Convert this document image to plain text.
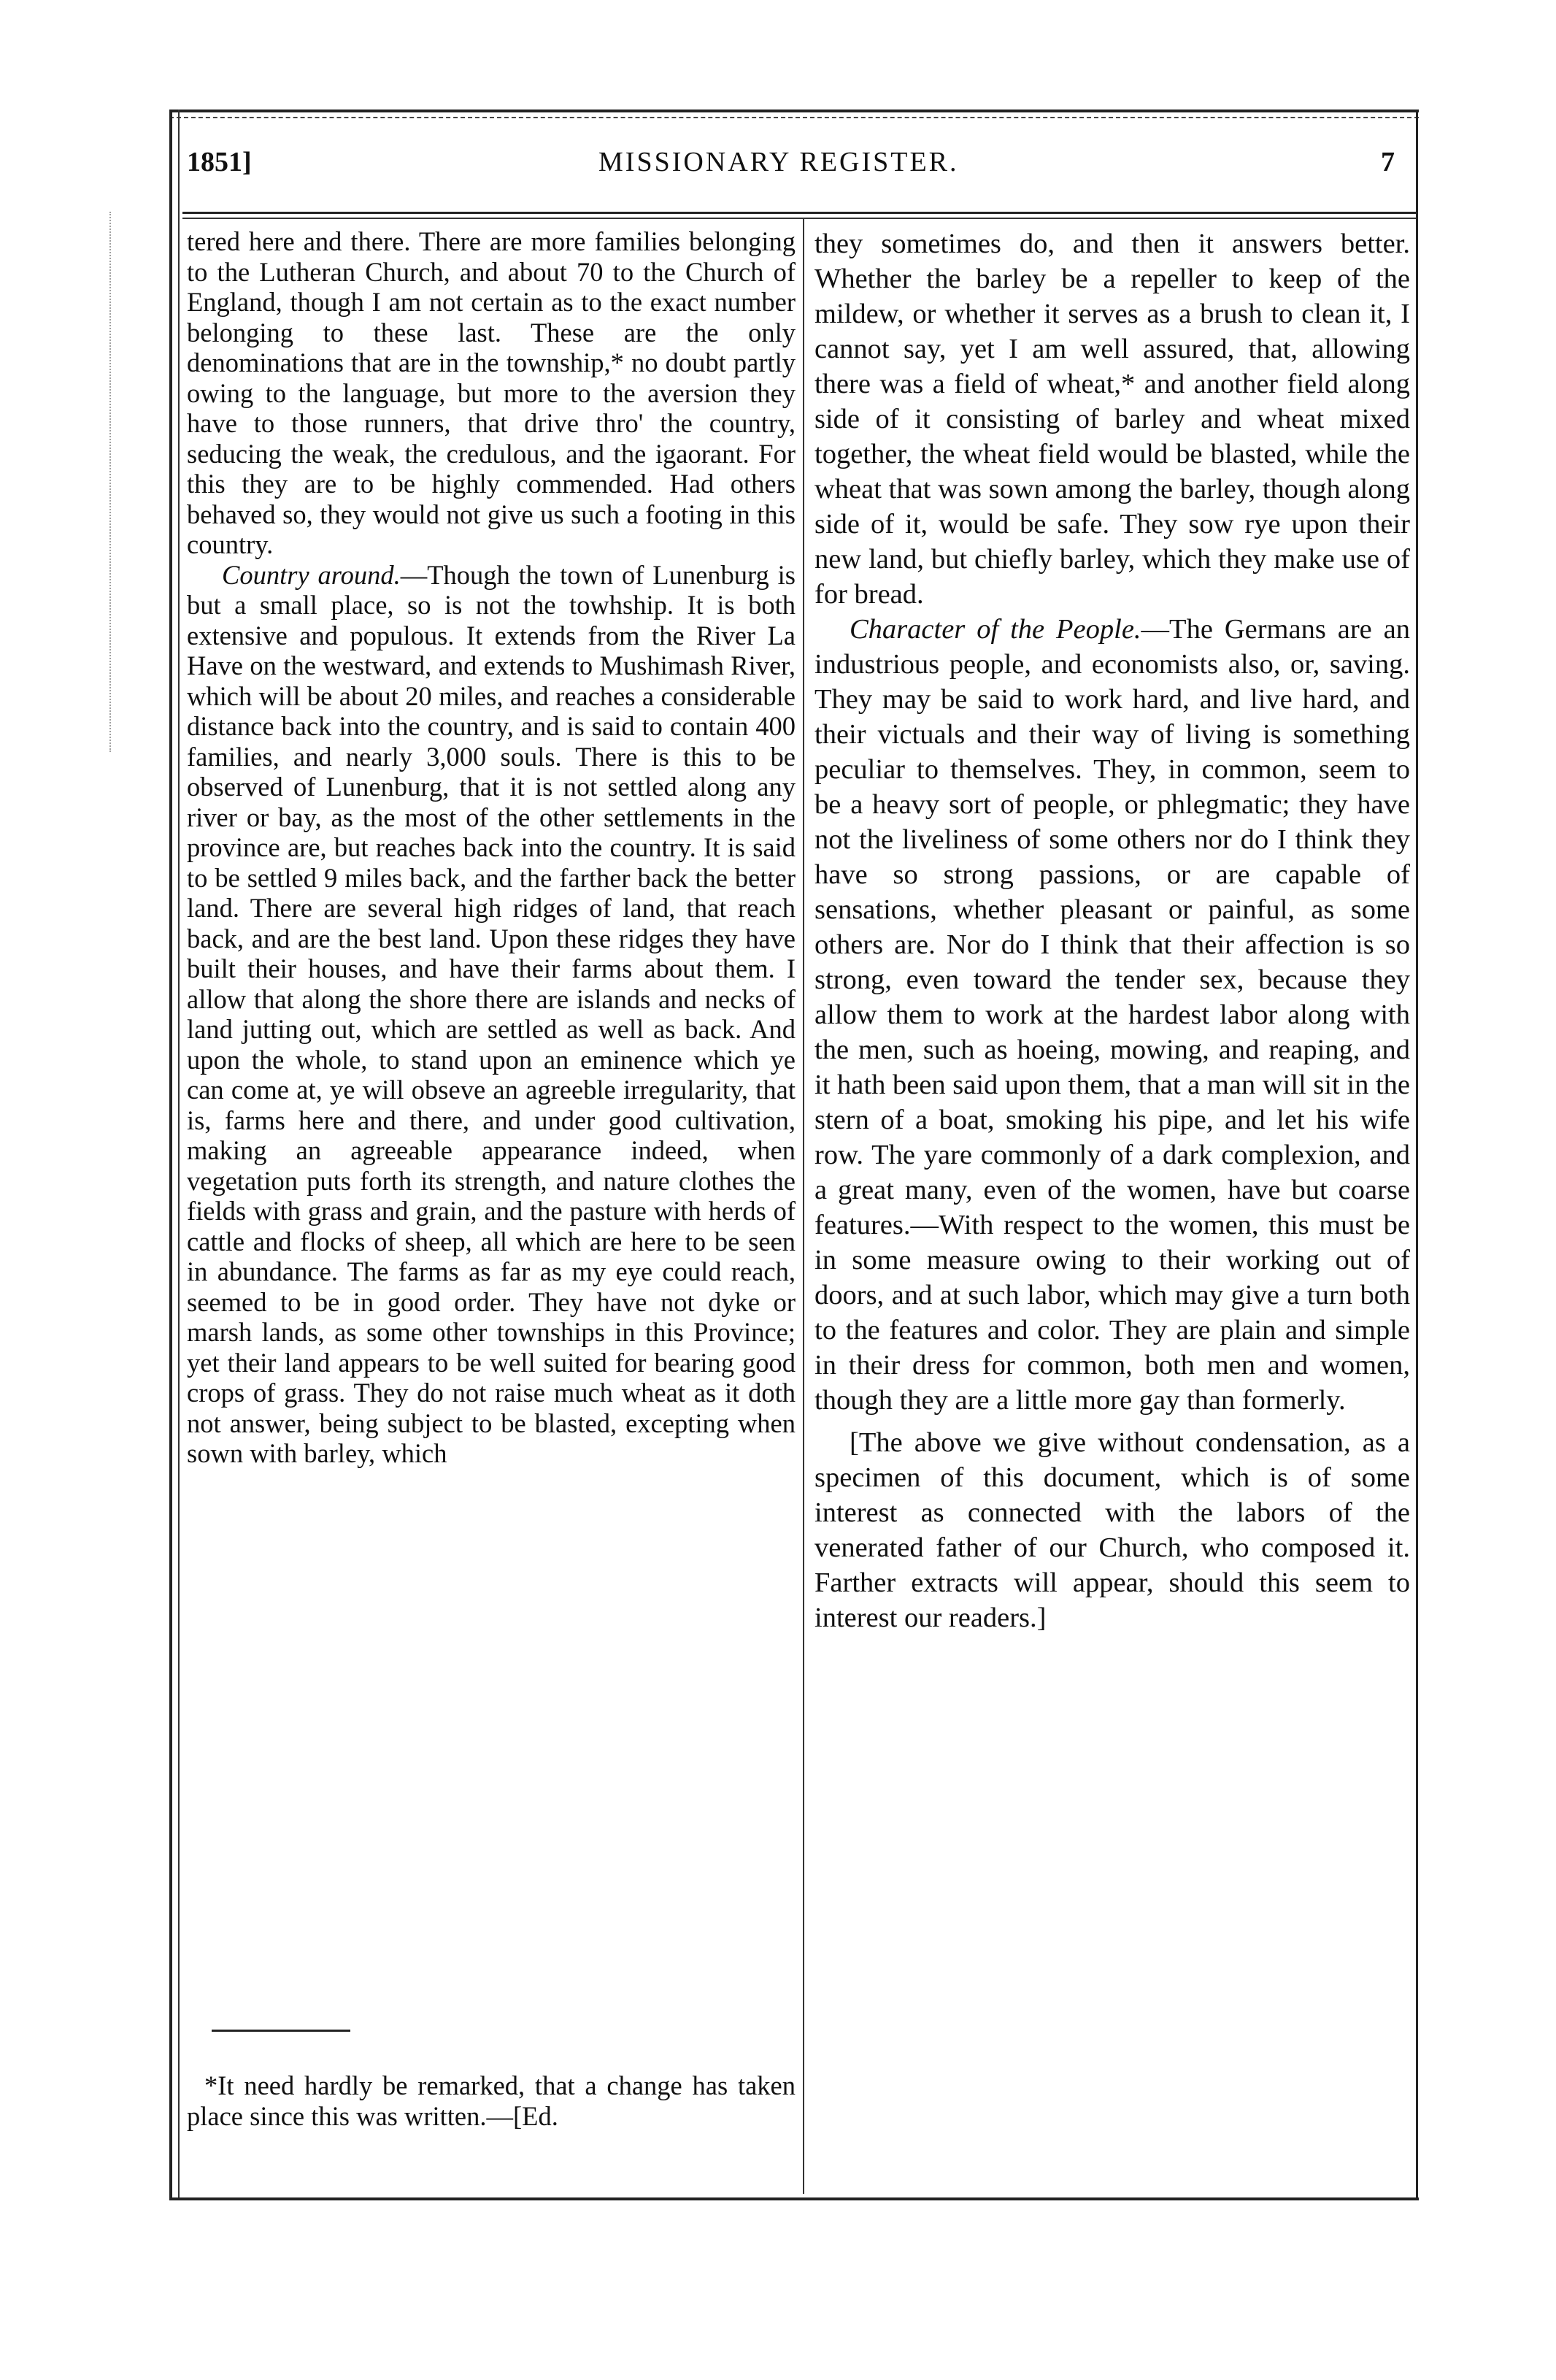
1851]	MISSIONARY REGISTER.	7

tered here and there. There are more families belonging to the Lutheran Church, and about 70 to the Church of England, though I am not certain as to the exact number belonging to these last. These are the only denominations that are in the township,* no doubt partly owing to the language, but more to the aversion they have to those runners, that drive thro' the country, seducing the weak, the credulous, and the igaorant. For this they are to be highly commended. Had others behaved so, they would not give us such a footing in this country.

Country around.—Though the town of Lunenburg is but a small place, so is not the towhship. It is both extensive and populous. It extends from the River La Have on the westward, and extends to Mushimash River, which will be about 20 miles, and reaches a considerable distance back into the country, and is said to contain 400 families, and nearly 3,000 souls. There is this to be observed of Lunenburg, that it is not settled along any river or bay, as the most of the other settlements in the province are, but reaches back into the country. It is said to be settled 9 miles back, and the farther back the better land. There are several high ridges of land, that reach back, and are the best land. Upon these ridges they have built their houses, and have their farms about them. I allow that along the shore there are islands and necks of land jutting out, which are settled as well as back. And upon the whole, to stand upon an eminence which ye can come at, ye will obseve an agreeble irregularity, that is, farms here and there, and under good cultivation, making an agreeable appearance indeed, when vegetation puts forth its strength, and nature clothes the fields with grass and grain, and the pasture with herds of cattle and flocks of sheep, all which are here to be seen in abundance. The farms as far as my eye could reach, seemed to be in good order. They have not dyke or marsh lands, as some other townships in this Province; yet their land appears to be well suited for bearing good crops of grass. They do not raise much wheat as it doth not answer, being subject to be blasted, excepting when sown with barley, which

*It need hardly be remarked, that a change has taken place since this was written.—[Ed.

they sometimes do, and then it answers better. Whether the barley be a repeller to keep of the mildew, or whether it serves as a brush to clean it, I cannot say, yet I am well assured, that, allowing there was a field of wheat,* and another field along side of it consisting of barley and wheat mixed together, the wheat field would be blasted, while the wheat that was sown among the barley, though along side of it, would be safe. They sow rye upon their new land, but chiefly barley, which they make use of for bread.

Character of the People.—The Germans are an industrious people, and economists also, or, saving. They may be said to work hard, and live hard, and their victuals and their way of living is something peculiar to themselves. They, in common, seem to be a heavy sort of people, or phlegmatic; they have not the liveliness of some others nor do I think they have so strong passions, or are capable of sensations, whether pleasant or painful, as some others are. Nor do I think that their affection is so strong, even toward the tender sex, because they allow them to work at the hardest labor along with the men, such as hoeing, mowing, and reaping, and it hath been said upon them, that a man will sit in the stern of a boat, smoking his pipe, and let his wife row. The yare commonly of a dark complexion, and a great many, even of the women, have but coarse features.—With respect to the women, this must be in some measure owing to their working out of doors, and at such labor, which may give a turn both to the features and color. They are plain and simple in their dress for common, both men and women, though they are a little more gay than formerly.

[The above we give without condensation, as a specimen of this document, which is of some interest as connected with the labors of the venerated father of our Church, who composed it. Farther extracts will appear, should this seem to interest our readers.]
